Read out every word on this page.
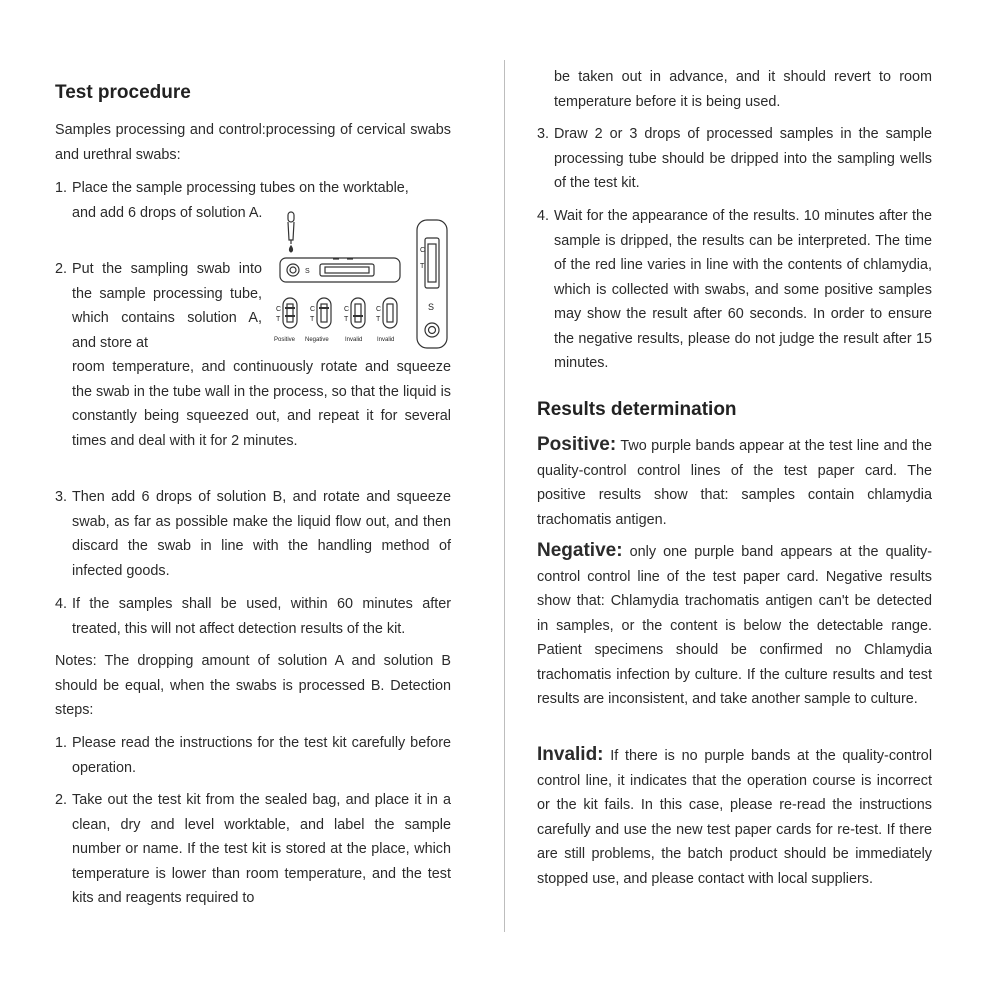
Test procedure

Samples processing and control:processing of cervical swabs and urethral swabs:

1. Place the sample processing tubes on the worktable,

and add 6 drops of solution A.

2. Put the sampling swab into the sample processing tube, which contains solution A, and store at

room temperature, and continuously rotate and squeeze the swab in the tube wall in the process, so that the liquid is constantly being squeezed out, and repeat it for several times and deal with it for 2 minutes.

3. Then add 6 drops of solution B, and rotate and squeeze swab, as far as possible make the liquid flow out, and then discard the swab in line with the handling method of infected goods.

4. If the samples shall be used, within 60 minutes after treated, this will not affect detection results of the kit.

Notes: The dropping amount of solution A and solution B should be equal, when the swabs is processed B. Detection steps:

1. Please read the instructions for the test kit carefully before operation.

2. Take out the test kit from the sealed bag, and place it in a clean, dry and level worktable, and label the sample number or name. If the test kit is stored at the place, which temperature is lower than room temperature, and the test kits and reagents required to

S
C
T
S
C
T
C
T
C
T
C
T
Positive Negative	Invalid Invalid

be taken out in advance, and it should revert to room temperature before it is being used.

3. Draw 2 or 3 drops of processed samples in the sample processing tube should be dripped into the sampling wells of the test kit.

4. Wait for the appearance of the results. 10 minutes after the sample is dripped, the results can be interpreted. The time of the red line varies in line with the contents of chlamydia, which is collected with swabs, and some positive samples may show the result after 60 seconds. In order to ensure the negative results, please do not judge the result after 15 minutes.

Results determination

Positive: Two purple bands appear at the test line and the quality-control control lines of the test paper card. The positive results show that: samples contain chlamydia trachomatis antigen.

Negative: only one purple band appears at the quality-control control line of the test paper card. Negative results show that: Chlamydia trachomatis antigen can't be detected in samples, or the content is below the detectable range. Patient specimens should be confirmed no Chlamydia trachomatis infection by culture. If the culture results and test results are inconsistent, and take another sample to culture.

Invalid: If there is no purple bands at the quality-control control line, it indicates that the operation course is incorrect or the kit fails. In this case, please re-read the instructions carefully and use the new test paper cards for re-test. If there are still problems, the batch product should be immediately stopped use, and please contact with local suppliers.
